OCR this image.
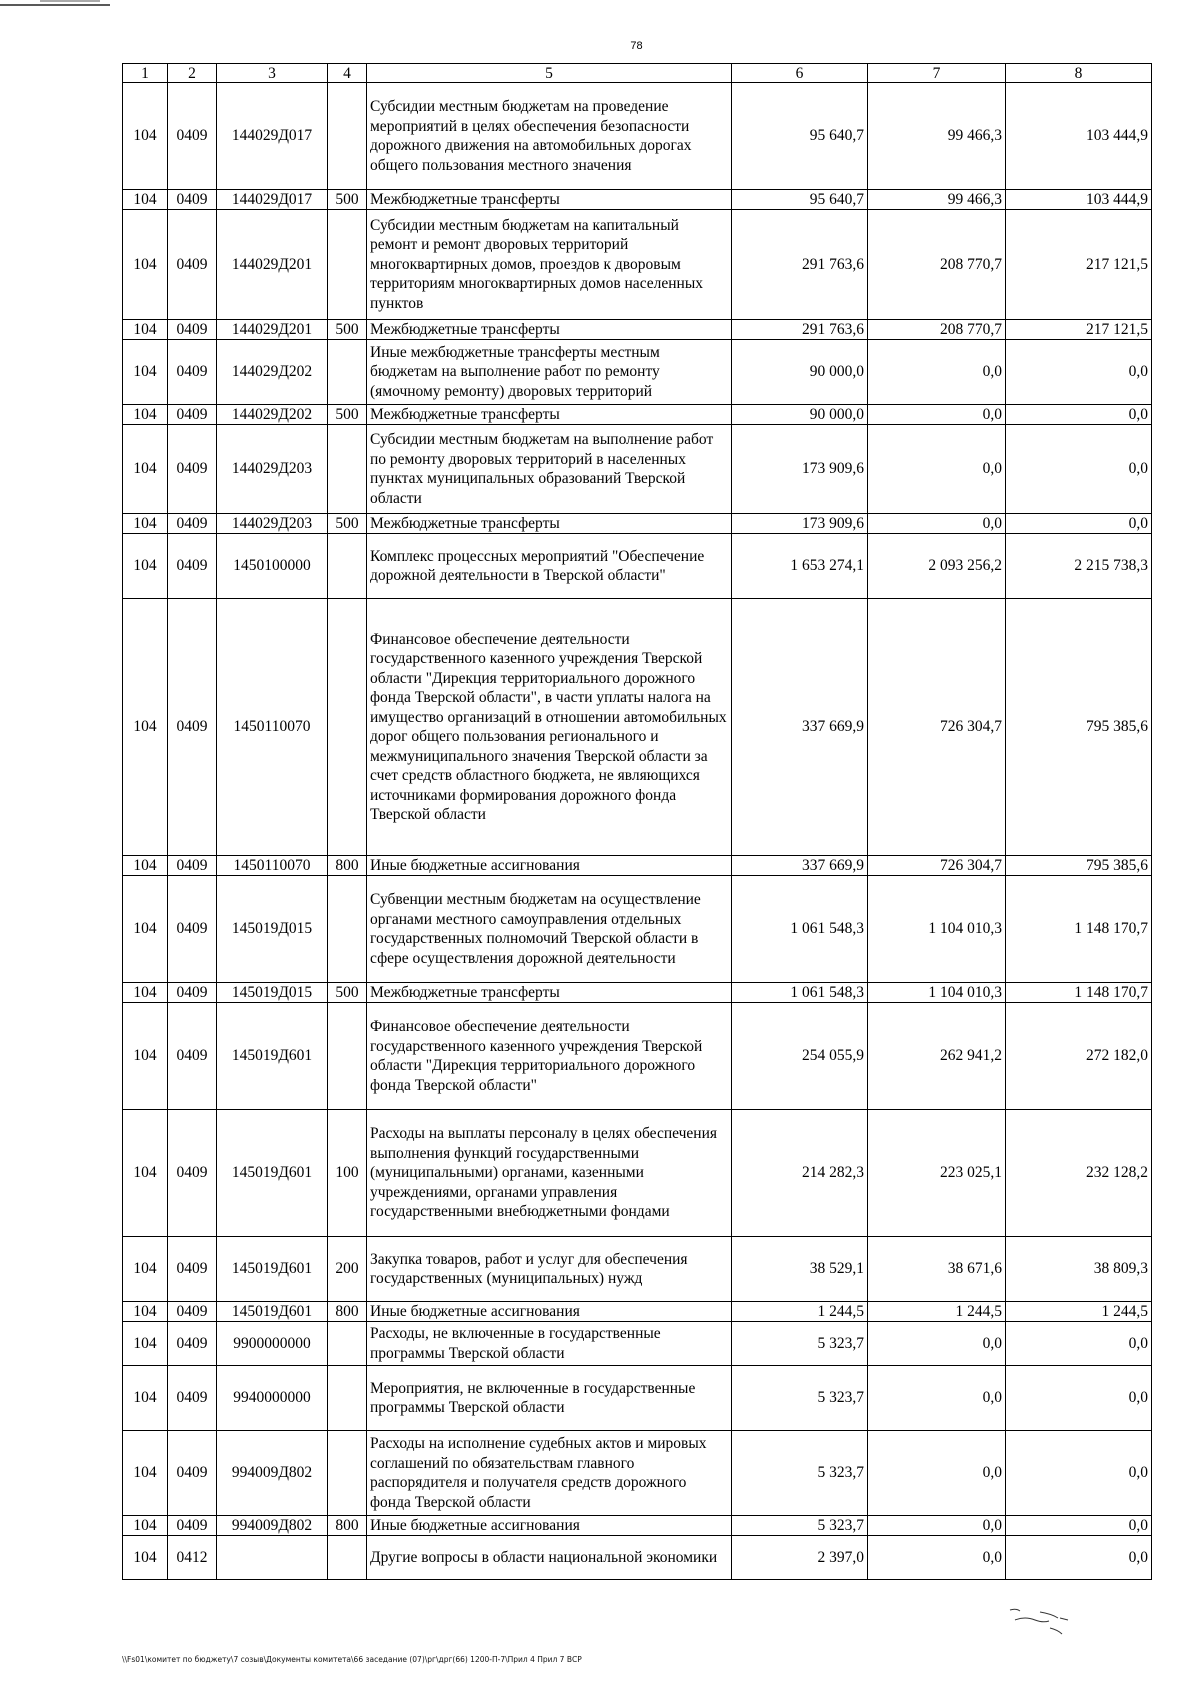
78
1	2	3	4	5	6	7	8
104	0409	144029Д017		Субсидии местным бюджетам на проведение мероприятий в целях обеспечения безопасности дорожного движения на автомобильных дорогах общего пользования местного значения	95 640,7	99 466,3	103 444,9
104	0409	144029Д017	500	Межбюджетные трансферты	95 640,7	99 466,3	103 444,9
104	0409	144029Д201		Субсидии местным бюджетам на капитальный ремонт и ремонт дворовых территорий многоквартирных домов, проездов к дворовым территориям многоквартирных домов населенных пунктов	291 763,6	208 770,7	217 121,5
104	0409	144029Д201	500	Межбюджетные трансферты	291 763,6	208 770,7	217 121,5
104	0409	144029Д202		Иные межбюджетные трансферты местным бюджетам на выполнение работ по ремонту (ямочному ремонту) дворовых территорий	90 000,0	0,0	0,0
104	0409	144029Д202	500	Межбюджетные трансферты	90 000,0	0,0	0,0
104	0409	144029Д203		Субсидии местным бюджетам на выполнение работ по ремонту дворовых территорий в населенных пунктах муниципальных образований Тверской области	173 909,6	0,0	0,0
104	0409	144029Д203	500	Межбюджетные трансферты	173 909,6	0,0	0,0
104	0409	1450100000		Комплекс процессных мероприятий "Обеспечение дорожной деятельности в Тверской области"	1 653 274,1	2 093 256,2	2 215 738,3
104	0409	1450110070		Финансовое обеспечение деятельности государственного казенного учреждения Тверской области "Дирекция территориального дорожного фонда Тверской области", в части уплаты налога на имущество организаций в отношении автомобильных дорог общего пользования регионального и межмуниципального значения Тверской области за счет средств областного бюджета, не являющихся источниками формирования дорожного фонда Тверской области	337 669,9	726 304,7	795 385,6
104	0409	1450110070	800	Иные бюджетные ассигнования	337 669,9	726 304,7	795 385,6
104	0409	145019Д015		Субвенции местным бюджетам на осуществление органами местного самоуправления отдельных государственных полномочий Тверской области в сфере осуществления дорожной деятельности	1 061 548,3	1 104 010,3	1 148 170,7
104	0409	145019Д015	500	Межбюджетные трансферты	1 061 548,3	1 104 010,3	1 148 170,7
104	0409	145019Д601		Финансовое обеспечение деятельности государственного казенного учреждения Тверской области "Дирекция территориального дорожного фонда Тверской области"	254 055,9	262 941,2	272 182,0
104	0409	145019Д601	100	Расходы на выплаты персоналу в целях обеспечения выполнения функций государственными (муниципальными) органами, казенными учреждениями, органами управления государственными внебюджетными фондами	214 282,3	223 025,1	232 128,2
104	0409	145019Д601	200	Закупка товаров, работ и услуг для обеспечения государственных (муниципальных) нужд	38 529,1	38 671,6	38 809,3
104	0409	145019Д601	800	Иные бюджетные ассигнования	1 244,5	1 244,5	1 244,5
104	0409	9900000000		Расходы, не включенные в государственные программы Тверской области	5 323,7	0,0	0,0
104	0409	9940000000		Мероприятия, не включенные в государственные программы Тверской области	5 323,7	0,0	0,0
104	0409	994009Д802		Расходы на исполнение судебных актов и мировых соглашений по обязательствам главного распорядителя и получателя средств дорожного фонда Тверской области	5 323,7	0,0	0,0
104	0409	994009Д802	800	Иные бюджетные ассигнования	5 323,7	0,0	0,0
104	0412			Другие вопросы в области национальной экономики	2 397,0	0,0	0,0
\\Fs01\комитет по бюджету\7 созыв\Документы комитета\66 заседание (07)\рг\дрг(66) 1200-П-7\Прил 4 Прил 7 ВСР
